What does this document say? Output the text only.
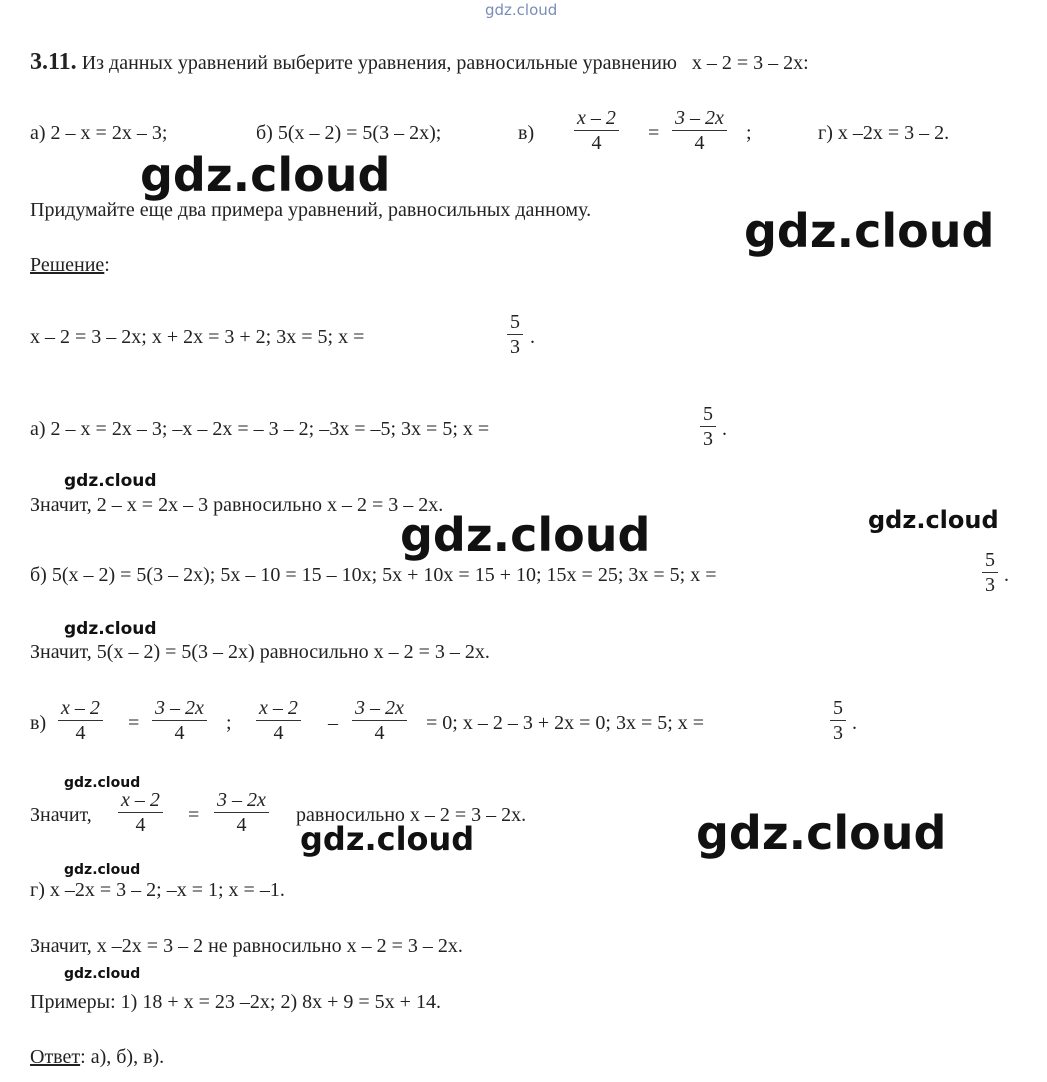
gdz.cloud
gdz.cloud
gdz.cloud
gdz.cloud
gdz.cloud	gdz.cloud
gdz.cloud
gdz.cloud
gdz.cloud
gdz.cloud
gdz.cloud
gdz.cloud
3.11. Из данных уравнений выберите уравнения, равносильные уравнению x – 2 = 3 – 2x:
а) 2 – x = 2x – 3;	б) 5(x – 2) = 5(3 – 2x);	$в) \frac{x - 2}{4} = \frac{3 - 2x}{4}$ ;	г) x –2x = 3 – 2.
Придумайте еще два примера уравнений, равносильных данному.
Решение:
x – 2 = 3 – 2x; x + 2x = 3 + 2; 3x = 5; x =	$\frac{5}{3}$ .
а) 2 – x = 2x – 3; –x – 2x = – 3 – 2; –3x = –5; 3x = 5; x =	$\frac{5}{3}$ .
Значит, 2 – x = 2x – 3 равносильно x – 2 = 3 – 2x.
б) 5(x – 2) = 5(3 – 2x); 5x – 10 = 15 – 10x; 5x + 10x = 15 + 10; 15x = 25; 3x = 5; x =	$\frac{5}{3}$ .
Значит, 5(x – 2) = 5(3 – 2x) равносильно x – 2 = 3 – 2x.
$в) \frac{x - 2}{4} = \frac{3 - 2x}{4}$ ; $\frac{x - 2}{4} - \frac{3 - 2x}{4} = 0$; x – 2 – 3 + 2x = 0; 3x = 5; x =	$\frac{5}{3}$ .
Значит, $\frac{x - 2}{4} = \frac{3 - 2x}{4}$ равносильно x – 2 = 3 – 2x.
г) x –2x = 3 – 2; –x = 1; x = –1.
Значит, x –2x = 3 – 2 не равносильно x – 2 = 3 – 2x.
Примеры: 1) 18 + x = 23 –2x; 2) 8x + 9 = 5x + 14.
Ответ: а), б), в).
